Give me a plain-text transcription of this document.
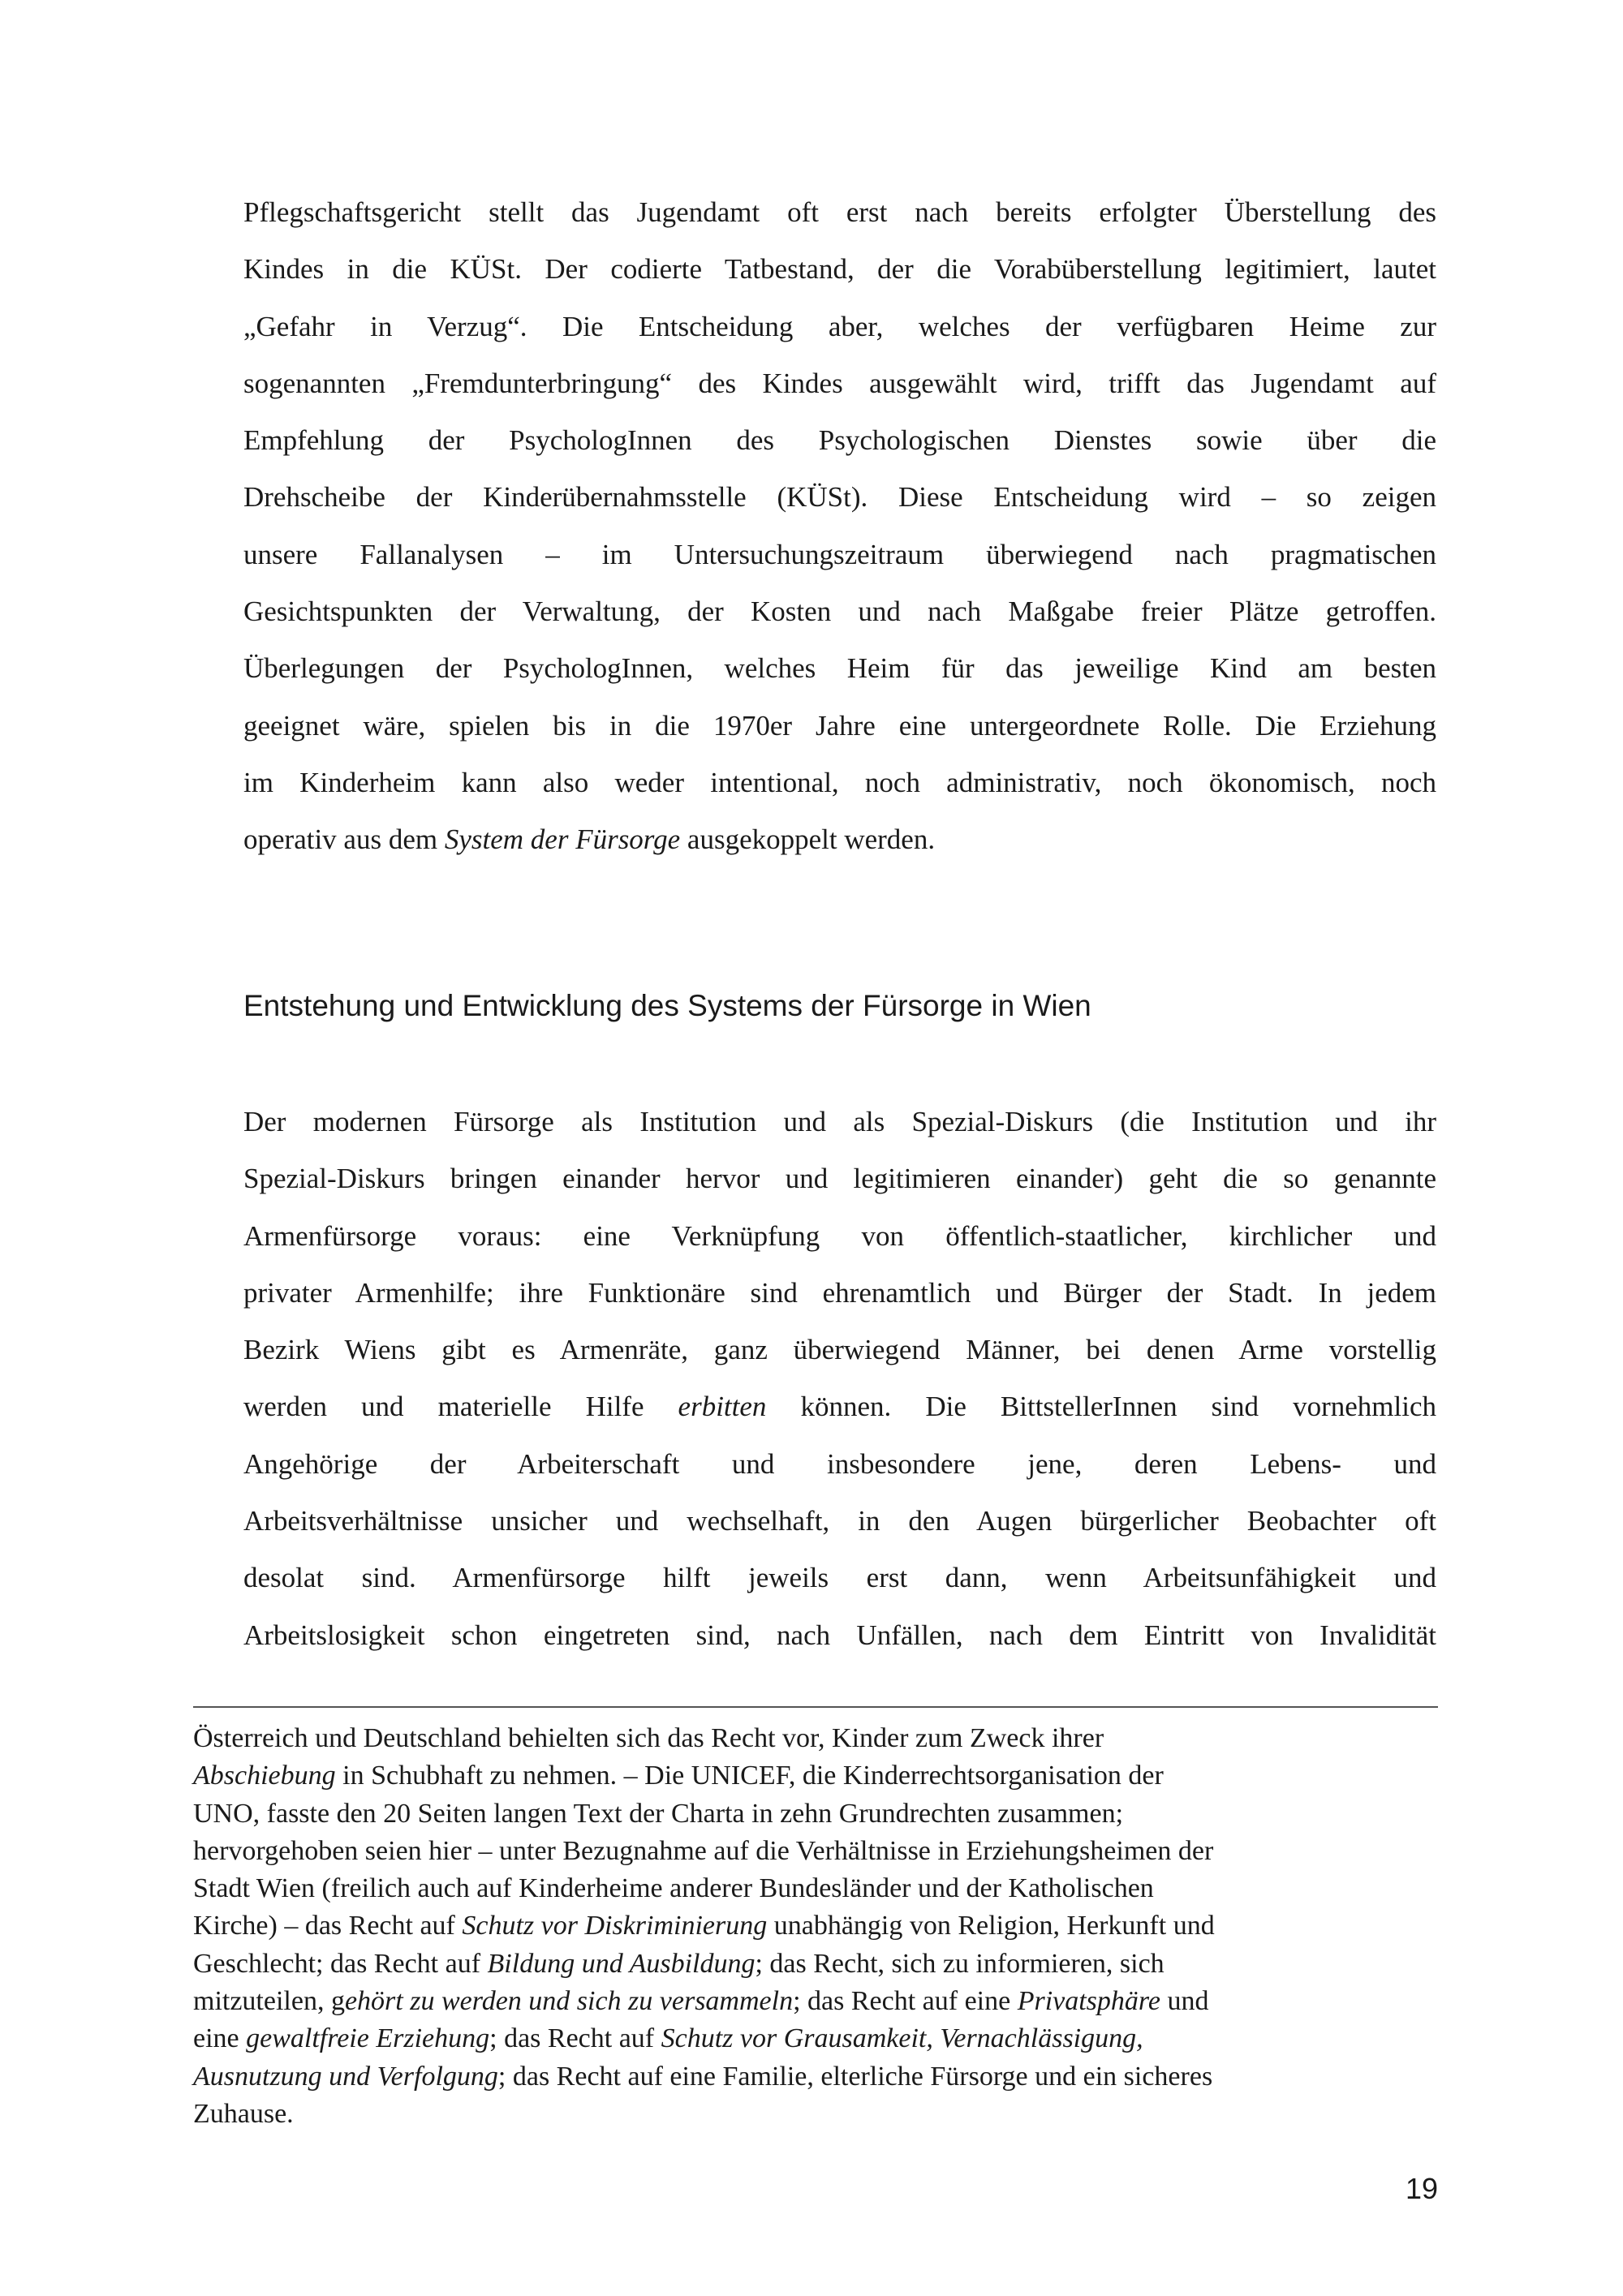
Pflegschaftsgericht stellt das Jugendamt oft erst nach bereits erfolgter Überstellung des
Kindes in die KÜSt. Der codierte Tatbestand, der die Vorabüberstellung legitimiert, lautet
„Gefahr in Verzug“. Die Entscheidung aber, welches der verfügbaren Heime zur
sogenannten „Fremdunterbringung“ des Kindes ausgewählt wird, trifft das Jugendamt auf
Empfehlung der PsychologInnen des Psychologischen Dienstes sowie über die
Drehscheibe der Kinderübernahmsstelle (KÜSt). Diese Entscheidung wird – so zeigen
unsere Fallanalysen – im Untersuchungszeitraum überwiegend nach pragmatischen
Gesichtspunkten der Verwaltung, der Kosten und nach Maßgabe freier Plätze getroffen.
Überlegungen der PsychologInnen, welches Heim für das jeweilige Kind am besten
geeignet wäre, spielen bis in die 1970er Jahre eine untergeordnete Rolle. Die Erziehung
im Kinderheim kann also weder intentional, noch administrativ, noch ökonomisch, noch
operativ aus dem System der Fürsorge ausgekoppelt werden.
Entstehung und Entwicklung des Systems der Fürsorge in Wien
Der modernen Fürsorge als Institution und als Spezial-Diskurs (die Institution und ihr
Spezial-Diskurs bringen einander hervor und legitimieren einander) geht die so genannte
Armenfürsorge voraus: eine Verknüpfung von öffentlich-staatlicher, kirchlicher und
privater Armenhilfe; ihre Funktionäre sind ehrenamtlich und Bürger der Stadt. In jedem
Bezirk Wiens gibt es Armenräte, ganz überwiegend Männer, bei denen Arme vorstellig
werden und materielle Hilfe erbitten können. Die BittstellerInnen sind vornehmlich
Angehörige der Arbeiterschaft und insbesondere jene, deren Lebens- und
Arbeitsverhältnisse unsicher und wechselhaft, in den Augen bürgerlicher Beobachter oft
desolat sind. Armenfürsorge hilft jeweils erst dann, wenn Arbeitsunfähigkeit und
Arbeitslosigkeit schon eingetreten sind, nach Unfällen, nach dem Eintritt von Invalidität
Österreich und Deutschland behielten sich das Recht vor, Kinder zum Zweck ihrer
Abschiebung in Schubhaft zu nehmen. – Die UNICEF, die Kinderrechtsorganisation der
UNO, fasste den 20 Seiten langen Text der Charta in zehn Grundrechten zusammen;
hervorgehoben seien hier – unter Bezugnahme auf die Verhältnisse in Erziehungsheimen der
Stadt Wien (freilich auch auf Kinderheime anderer Bundesländer und der Katholischen
Kirche) – das Recht auf Schutz vor Diskriminierung unabhängig von Religion, Herkunft und
Geschlecht; das Recht auf Bildung und Ausbildung; das Recht, sich zu informieren, sich
mitzuteilen, gehört zu werden und sich zu versammeln; das Recht auf eine Privatsphäre und
eine gewaltfreie Erziehung; das Recht auf Schutz vor Grausamkeit, Vernachlässigung,
Ausnutzung und Verfolgung; das Recht auf eine Familie, elterliche Fürsorge und ein sicheres
Zuhause.
19
